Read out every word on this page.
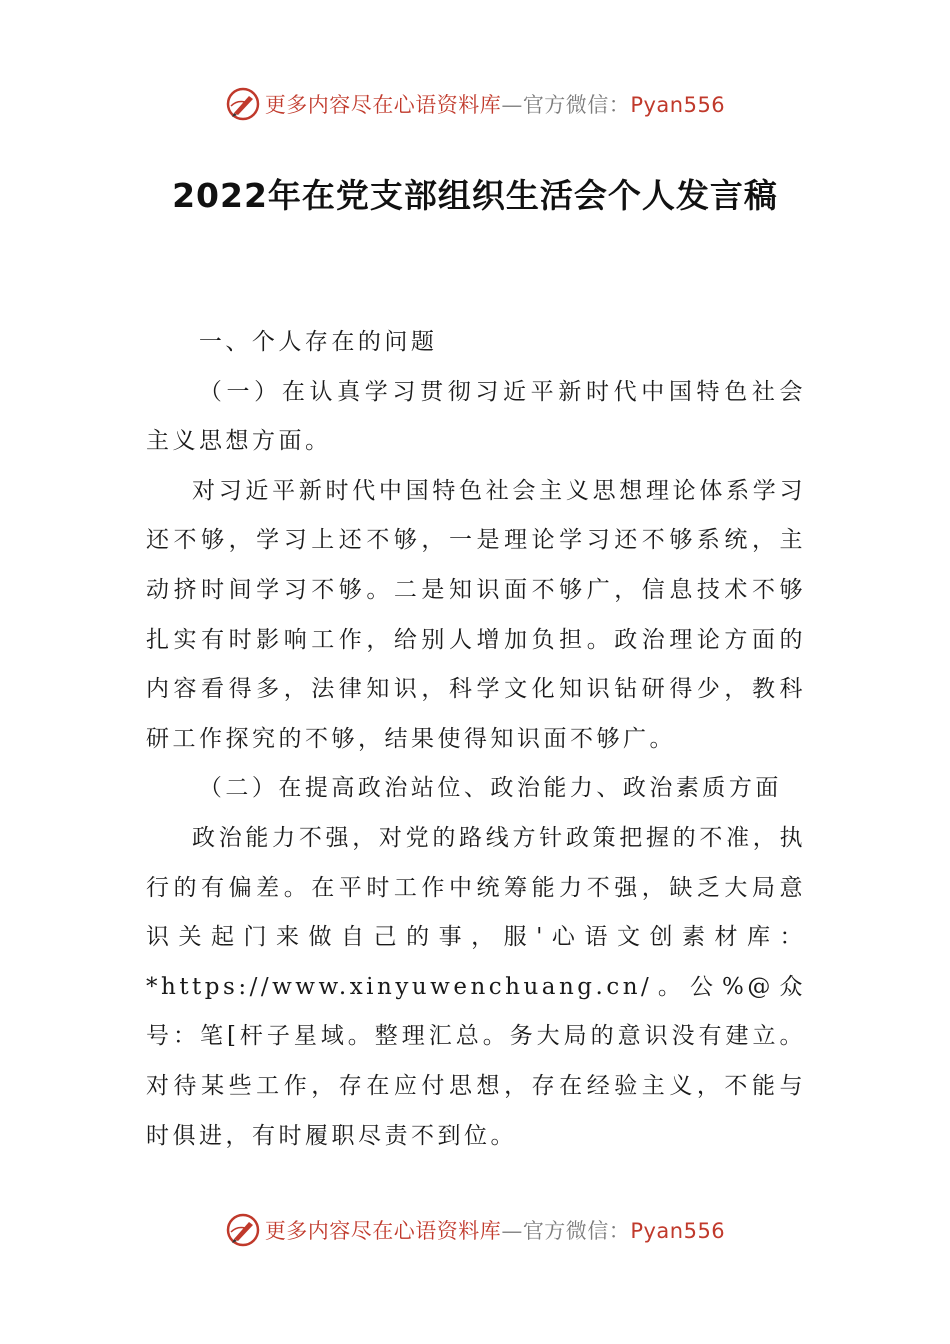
更多内容尽在心语资料库—官方微信：Pyan556
2022年在党支部组织生活会个人发言稿

一、个人存在的问题

（一）在认真学习贯彻习近平新时代中国特色社会主义思想方面。

对习近平新时代中国特色社会主义思想理论体系学习还不够，学习上还不够，一是理论学习还不够系统，主动挤时间学习不够。二是知识面不够广，信息技术不够扎实有时影响工作，给别人增加负担。政治理论方面的内容看得多，法律知识，科学文化知识钻研得少，教科研工作探究的不够，结果使得知识面不够广。

（二）在提高政治站位、政治能力、政治素质方面

政治能力不强，对党的路线方针政策把握的不准，执行的有偏差。在平时工作中统筹能力不强，缺乏大局意识关起门来做自己的事，服'心语文创素材库：*https://www.xinyuwenchuang.cn/。公%@众号：笔[杆子星域。整理汇总。务大局的意识没有建立。对待某些工作，存在应付思想，存在经验主义，不能与时俱进，有时履职尽责不到位。

更多内容尽在心语资料库—官方微信：Pyan556
